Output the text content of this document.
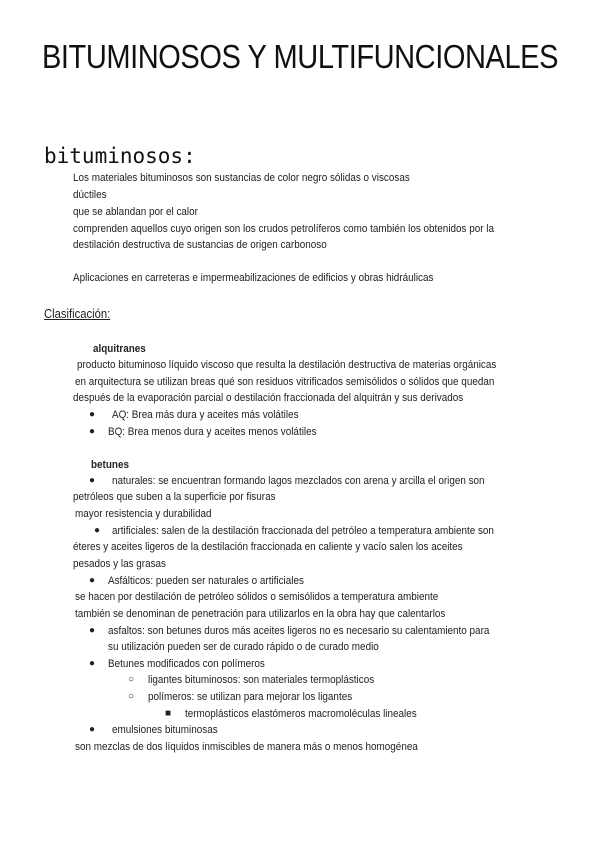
BITUMINOSOS Y MULTIFUNCIONALES
bituminosos:
Los materiales bituminosos son sustancias de color negro sólidas o viscosas
dúctiles
que se ablandan por el calor
comprenden aquellos cuyo origen son los crudos petrolíferos como también los obtenidos por la
destilación destructiva de sustancias de origen carbonoso
Aplicaciones en carreteras e impermeabilizaciones de edificios y obras hidráulicas
Clasificación:
alquitranes
producto bituminoso líquido viscoso que resulta la destilación destructiva de materias orgánicas
en arquitectura se utilizan breas qué son residuos vitrificados semisólidos o sólidos que quedan
después de la evaporación parcial o destilación fraccionada del alquitrán y sus derivados
● AQ: Brea más dura y aceites más volátiles
● BQ: Brea menos dura y aceites menos volátiles
betunes
● naturales: se encuentran formando lagos mezclados con arena y arcilla el origen son
petróleos que suben a la superficie por fisuras
mayor resistencia y durabilidad
● artificiales: salen de la destilación fraccionada del petróleo a temperatura ambiente son
éteres y aceites ligeros de la destilación fraccionada en caliente y vacío salen los aceites
pesados y las grasas
● Asfálticos: pueden ser naturales o artificiales
se hacen por destilación de petróleo sólidos o semisólidos a temperatura ambiente
también se denominan de penetración para utilizarlos en la obra hay que calentarlos
● asfaltos: son betunes duros más aceites ligeros no es necesario su calentamiento para
su utilización pueden ser de curado rápido o de curado medio
● Betunes modificados con polímeros
○ ligantes bituminosos: son materiales termoplásticos
○ polímeros: se utilizan para mejorar los ligantes
■ termoplásticos elastómeros macromoléculas lineales
● emulsiones bituminosas
son mezclas de dos líquidos inmiscibles de manera más o menos homogénea
